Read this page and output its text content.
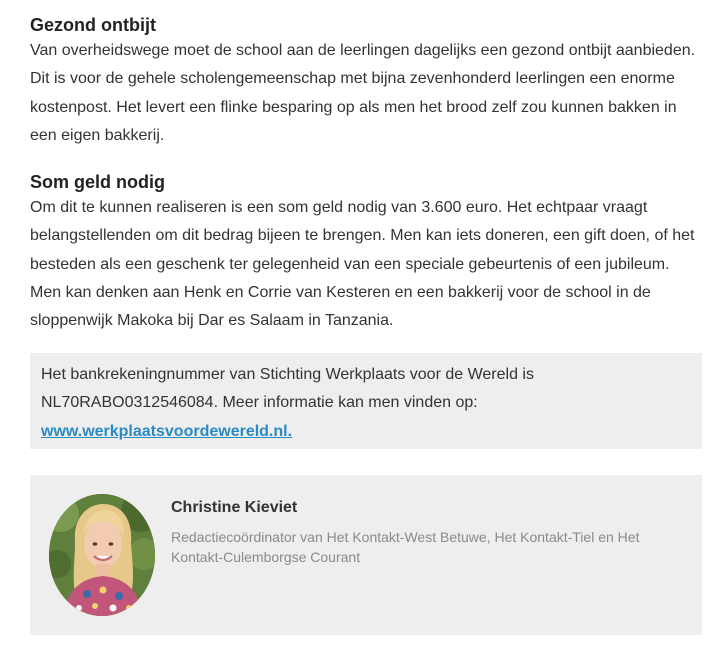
Gezond ontbijt

Van overheidswege moet de school aan de leerlingen dagelijks een gezond ontbijt aanbieden. Dit is voor de gehele scholengemeenschap met bijna zevenhonderd leerlingen een enorme kostenpost. Het levert een flinke besparing op als men het brood zelf zou kunnen bakken in een eigen bakkerij.

Som geld nodig

Om dit te kunnen realiseren is een som geld nodig van 3.600 euro. Het echtpaar vraagt belangstellenden om dit bedrag bijeen te brengen. Men kan iets doneren, een gift doen, of het besteden als een geschenk ter gelegenheid van een speciale gebeurtenis of een jubileum. Men kan denken aan Henk en Corrie van Kesteren en een bakkerij voor de school in de sloppenwijk Makoka bij Dar es Salaam in Tanzania.

Het bankrekeningnummer van Stichting Werkplaats voor de Wereld is NL70RABO0312546084. Meer informatie kan men vinden op: www.werkplaatsvoordewereld.nl.

Christine Kieviet
Redactiecoördinator van Het Kontakt-West Betuwe, Het Kontakt-Tiel en Het Kontakt-Culemborgse Courant
